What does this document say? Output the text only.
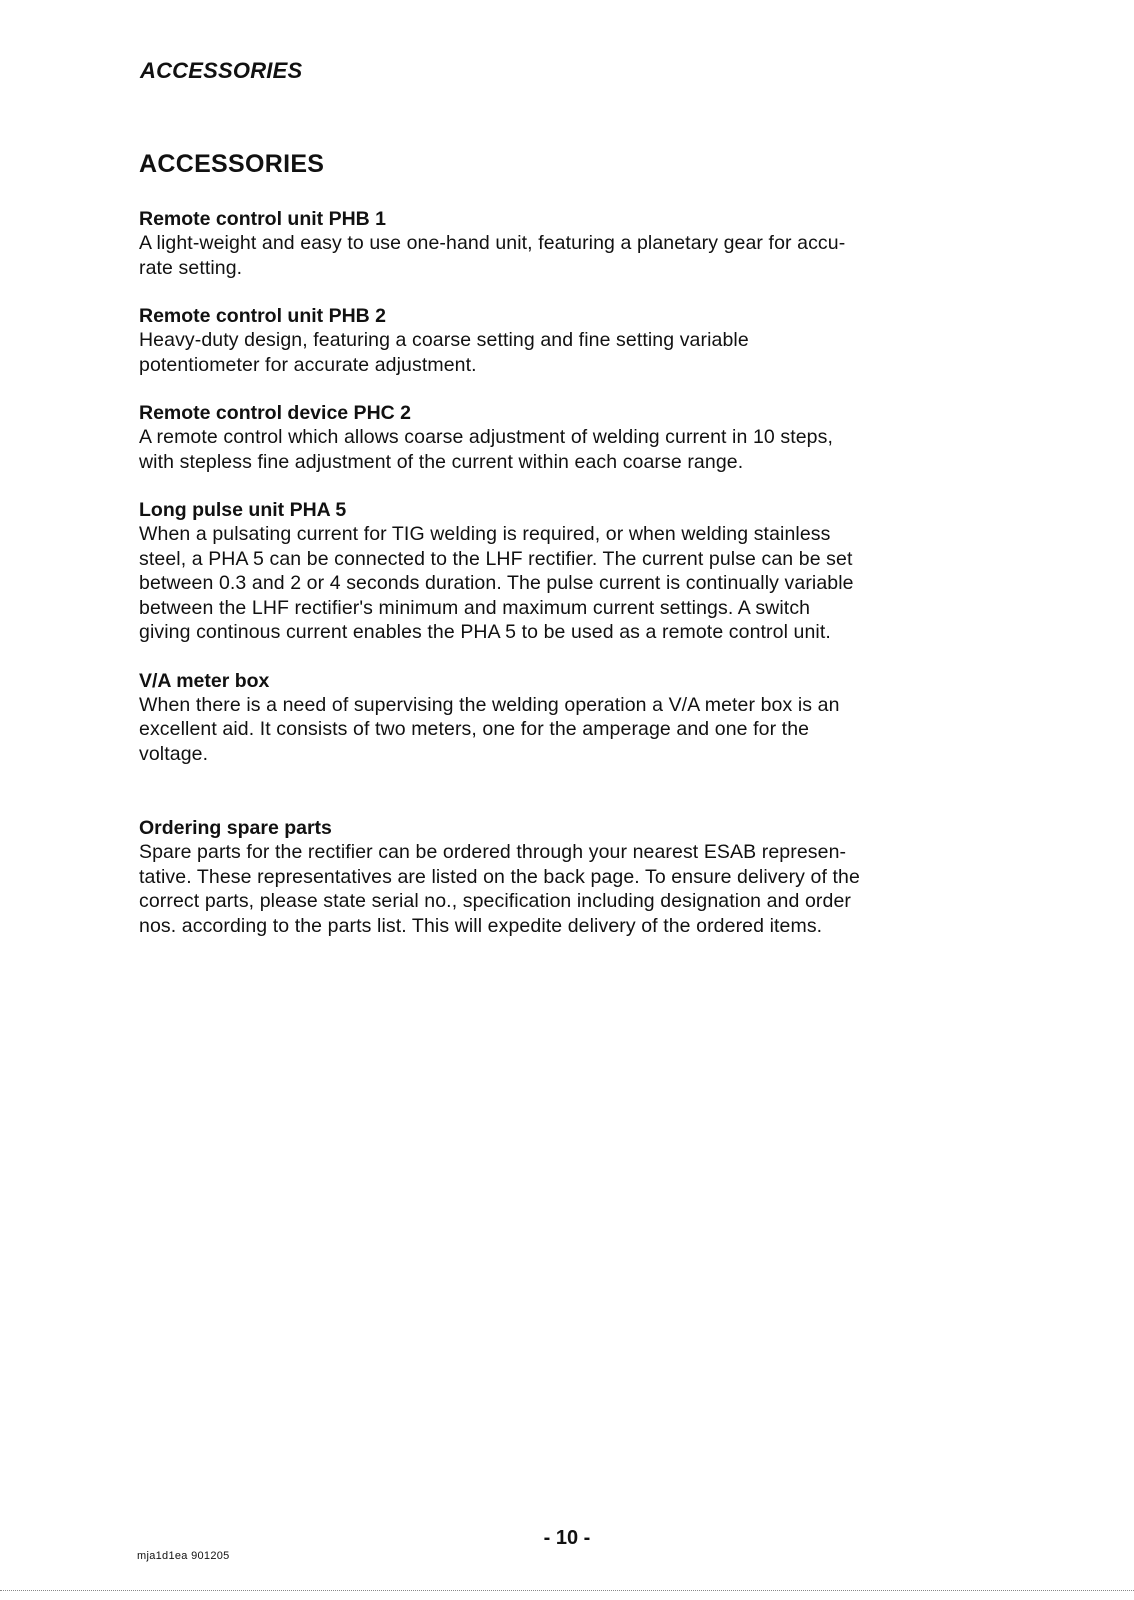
ACCESSORIES
ACCESSORIES

Remote control unit PHB 1

A light-weight and easy to use one-hand unit, featuring a planetary gear for accu-
rate setting.

Remote control unit PHB 2

Heavy-duty design, featuring a coarse setting and fine setting variable
potentiometer for accurate adjustment.

Remote control device PHC 2

A remote control which allows coarse adjustment of welding current in 10 steps,
with stepless fine adjustment of the current within each coarse range.

Long pulse unit PHA 5

When a pulsating current for TIG welding is required, or when welding stainless
steel, a PHA 5 can be connected to the LHF rectifier. The current pulse can be set
between 0.3 and 2 or 4 seconds duration. The pulse current is continually variable
between the LHF rectifier's minimum and maximum current settings. A switch
giving continous current enables the PHA 5 to be used as a remote control unit.

V/A meter box

When there is a need of supervising the welding operation a V/A meter box is an
excellent aid. It consists of two meters, one for the amperage and one for the
voltage.

Ordering spare parts

Spare parts for the rectifier can be ordered through your nearest ESAB represen-
tative. These representatives are listed on the back page. To ensure delivery of the
correct parts, please state serial no., specification including designation and order
nos. according to the parts list. This will expedite delivery of the ordered items.

- 10 -
mja1d1ea 901205
